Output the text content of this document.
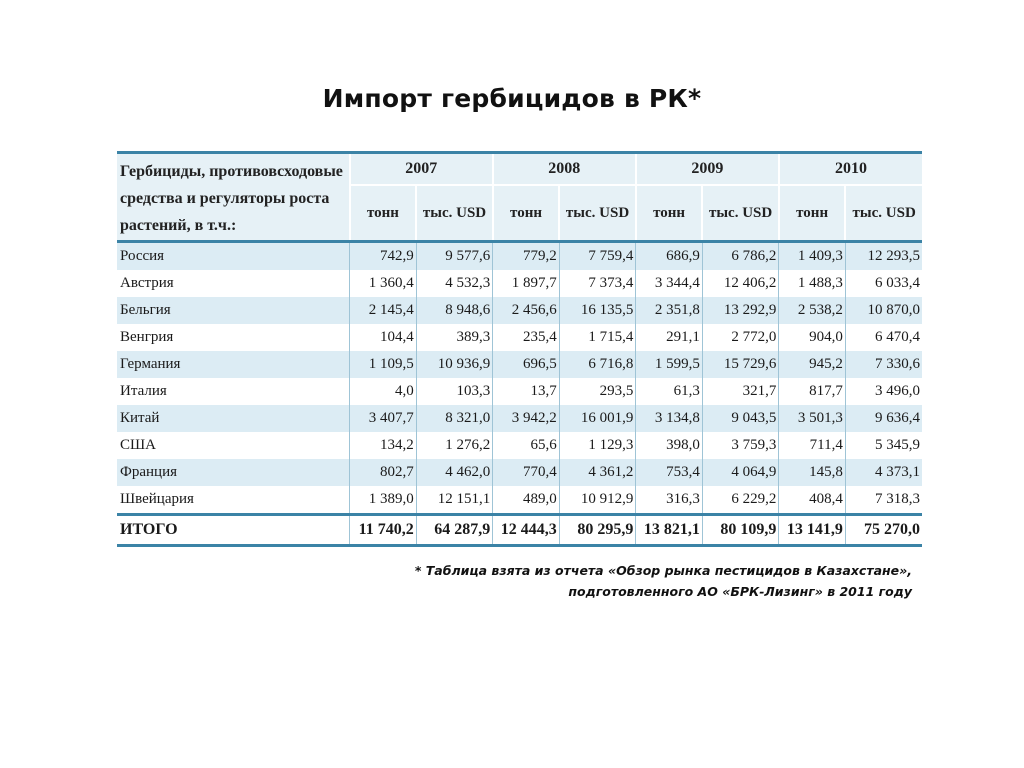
Импорт гербицидов в РК*
Гербициды, противовсходовые средства и регуляторы роста растений, в т.ч.:	2007		2008		2009		2010	
	тонн	тыс. USD	тонн	тыс. USD	тонн	тыс. USD	тонн	тыс. USD
Россия	742,9	9 577,6	779,2	7 759,4	686,9	6 786,2	1 409,3	12 293,5
Австрия	1 360,4	4 532,3	1 897,7	7 373,4	3 344,4	12 406,2	1 488,3	6 033,4
Бельгия	2 145,4	8 948,6	2 456,6	16 135,5	2 351,8	13 292,9	2 538,2	10 870,0
Венгрия	104,4	389,3	235,4	1 715,4	291,1	2 772,0	904,0	6 470,4
Германия	1 109,5	10 936,9	696,5	6 716,8	1 599,5	15 729,6	945,2	7 330,6
Италия	4,0	103,3	13,7	293,5	61,3	321,7	817,7	3 496,0
Китай	3 407,7	8 321,0	3 942,2	16 001,9	3 134,8	9 043,5	3 501,3	9 636,4
США	134,2	1 276,2	65,6	1 129,3	398,0	3 759,3	711,4	5 345,9
Франция	802,7	4 462,0	770,4	4 361,2	753,4	4 064,9	145,8	4 373,1
Швейцария	1 389,0	12 151,1	489,0	10 912,9	316,3	6 229,2	408,4	7 318,3
ИТОГО	11 740,2	64 287,9	12 444,3	80 295,9	13 821,1	80 109,9	13 141,9	75 270,0
* Таблица взята из отчета «Обзор рынка пестицидов в Казахстане»,
подготовленного АО «БРК-Лизинг» в 2011 году
